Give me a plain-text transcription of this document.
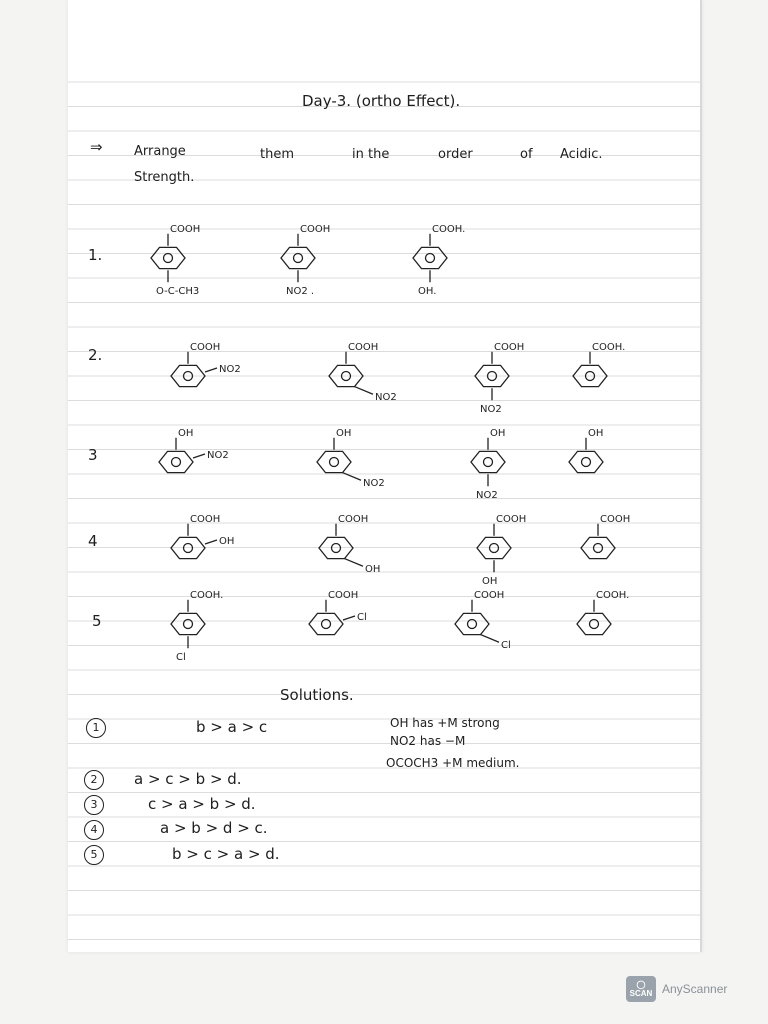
Day-3. (ortho Effect).
⇒ Arrange	them	in the	order	of Acidic.
Strength.
1.
2.
3
4
5
COOH
O-C-CH3
COOH
NO2 .
COOH.
OH.
COOH
NO2
COOH
NO2
COOH
NO2
COOH.
OH
NO2
OH
NO2
OH
NO2
OH
COOH
OH
COOH
OH
COOH
OH
COOH
COOH.
Cl
COOH
Cl
COOH
Cl
COOH.
Solutions.
1	b > a > c
2	a > c > b > d.
3	c > a > b > d.
4	a > b > d > c.
5	b > c > a > d.
OH has +M strong
NO2 has −M
OCOCH3 +M medium.
◯
SCAN AnyScanner
